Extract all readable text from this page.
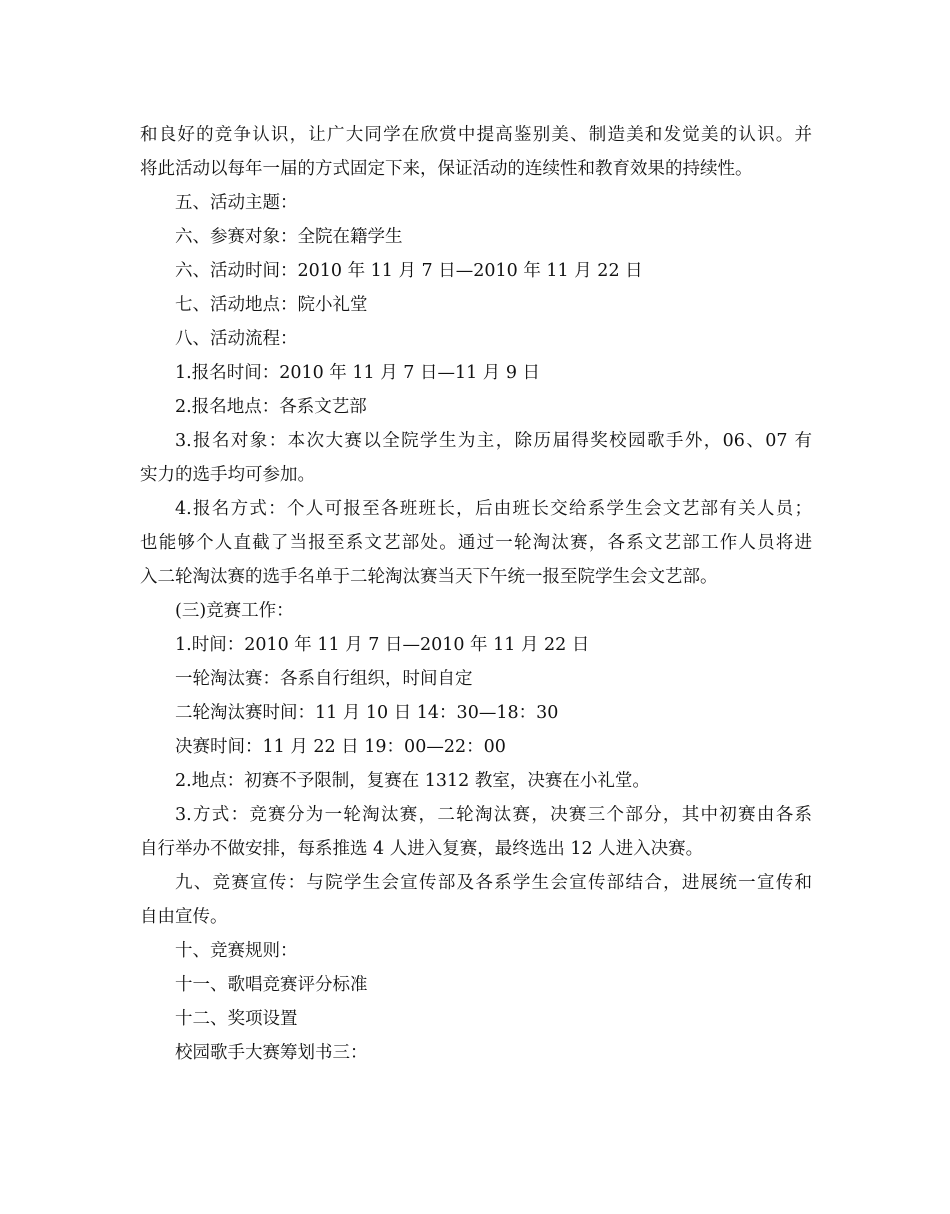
和良好的竞争认识，让广大同学在欣赏中提高鉴别美、制造美和发觉美的认识。并
将此活动以每年一届的方式固定下来，保证活动的连续性和教育效果的持续性。
五、活动主题：
六、参赛对象：全院在籍学生
六、活动时间：2010 年 11 月 7 日—2010 年 11 月 22 日
七、活动地点：院小礼堂
八、活动流程：
1.报名时间：2010 年 11 月 7 日—11 月 9 日
2.报名地点：各系文艺部
3.报名对象：本次大赛以全院学生为主，除历届得奖校园歌手外，06、07 有
实力的选手均可参加。
4.报名方式：个人可报至各班班长，后由班长交给系学生会文艺部有关人员；
也能够个人直截了当报至系文艺部处。通过一轮淘汰赛，各系文艺部工作人员将进
入二轮淘汰赛的选手名单于二轮淘汰赛当天下午统一报至院学生会文艺部。
(三)竞赛工作：
1.时间：2010 年 11 月 7 日—2010 年 11 月 22 日
一轮淘汰赛：各系自行组织，时间自定
二轮淘汰赛时间：11 月 10 日 14：30—18：30
决赛时间：11 月 22 日 19：00—22：00
2.地点：初赛不予限制，复赛在 1312 教室，决赛在小礼堂。
3.方式：竞赛分为一轮淘汰赛，二轮淘汰赛，决赛三个部分，其中初赛由各系
自行举办不做安排，每系推选 4 人进入复赛，最终选出 12 人进入决赛。
九、竞赛宣传：与院学生会宣传部及各系学生会宣传部结合，进展统一宣传和
自由宣传。
十、竞赛规则：
十一、歌唱竞赛评分标准
十二、奖项设置
校园歌手大赛筹划书三：
